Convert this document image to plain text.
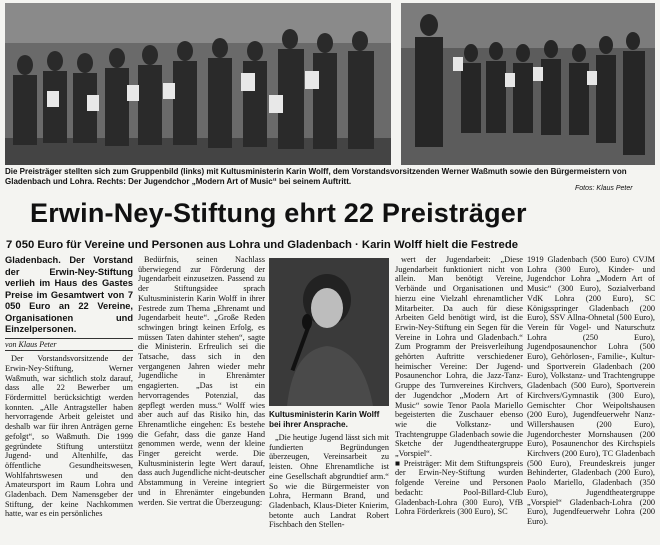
Die Preisträger stellten sich zum Gruppenbild (links) mit Kultusministerin Karin Wolff, dem Vorstandsvorsitzenden Werner Waßmuth sowie den Bürgermeistern von Gladenbach und Lohra. Rechts: Der Jugendchor „Modern Art of Music“ bei seinem Auftritt.
Fotos: Klaus Peter
Erwin-Ney-Stiftung ehrt 22 Preisträger
7 050 Euro für Vereine und Personen aus Lohra und Gladenbach · Karin Wolff hielt die Festrede
Gladenbach. Der Vorstand der Erwin-Ney-Stiftung verlieh im Haus des Gastes Preise im Gesamtwert von 7 050 Euro an 22 Vereine, Organisationen und Einzelpersonen.
von Klaus Peter

Der Vorstandsvorsitzende der Erwin-Ney-Stiftung, Werner Waßmuth, war sichtlich stolz darauf, dass alle 22 Bewerber um Fördermittel berücksichtigt werden konnten. „Alle Antragsteller haben hervorragende Arbeit geleistet und deshalb war für ihren Anträgen gerne gefolgt“, so Waßmuth. Die 1999 gegründete Stiftung unterstützt Jugend- und Altenhilfe, das öffentliche Gesundheitswesen, Wohlfahrtswesen und den Amateursport im Raum Lohra und Gladenbach. Dem Namensgeber der Stiftung, der keine Nachkommen hatte, war es ein persönliches

Bedürfnis, seinen Nachlass überwiegend zur Förderung der Jugendarbeit einzusetzen. Passend zu der Stiftungsidee sprach Kultusministerin Karin Wolff in ihrer Festrede zum Thema „Ehrenamt und Jugendarbeit heute“. „Große Reden schwingen bringt keinen Erfolg, es müssen Taten dahinter stehen“, sagte die Ministerin. Erfreulich sei die Tatsache, dass sich in den vergangenen Jahren wieder mehr Jugendliche in Ehrenämter engagierten. „Das ist ein hervorragendes Potenzial, das gepflegt werden muss.“ Wolff wies aber auch auf das Risiko hin, das Ehrenamtliche eingehen: Es bestehe die Gefahr, dass die ganze Hand genommen werde, wenn der kleine Finger gereicht werde. Die Kultusministerin legte Wert darauf, dass auch Jugendliche nicht-deutscher Abstammung in Vereine integriert und in Ehrenämter eingebunden werden. Sie vertrat die Überzeugung:

Kultusministerin Karin Wolff bei ihrer Ansprache.

„Die heutige Jugend lässt sich mit fundierten Begründungen überzeugen, Vereinsarbeit zu leisten. Ohne Ehrenamtliche ist eine Gesellschaft abgrundtief arm.“ So wie die Bürgermeister von Lohra, Hermann Brand, und Gladenbach, Klaus-Dieter Knierim, betonte auch Landrat Robert Fischbach den Stellen-

wert der Jugendarbeit: „Diese Jugendarbeit funktioniert nicht von allein. Man benötigt Vereine, Verbände und Organisationen und hierzu eine Vielzahl ehrenamtlicher Mitarbeiter. Da auch für diese Arbeiten Geld benötigt wird, ist die Erwin-Ney-Stiftung ein Segen für die Vereine in Lohra und Gladenbach.“ Zum Programm der Preisverleihung gehörten Auftritte verschiedener heimischer Vereine: Der Jugend-Posaunenchor Lohra, die Jazz-Tanz-Gruppe des Turnvereines Kirchvers, der Jugendchor „Modern Art of Music“ sowie Tenor Paola Mariello begeisterten die Zuschauer ebenso wie die Volkstanz- und Trachtengruppe Gladenbach sowie die Sketche der Jugendtheatergruppe „Vorspiel“.

■ Preisträger: Mit dem Stiftungspreis der Erwin-Ney-Stiftung wurden folgende Vereine und Personen bedacht: Pool-Billard-Club Gladenbach-Lohra (300 Euro), VfB Lohra Förderkreis (300 Euro), SC

1919 Gladenbach (500 Euro) CVJM Lohra (300 Euro), Kinder- und Jugendchor Lohra „Modern Art of Music“ (300 Euro), Sozialverband VdK Lohra (200 Euro), SC Königsspringer Gladenbach (200 Euro), SSV Allna-Ohnetal (500 Euro), Verein für Vogel- und Naturschutz Lohra (250 Euro), Jugendposaunenchor Lohra (500 Euro), Gehörlosen-, Familie-, Kultur- und Sportverein Gladenbach (200 Euro), Volkstanz- und Trachtengruppe Gladenbach (500 Euro), Sportverein Kirchvers/Gymnastik (300 Euro), Gemischter Chor Weipoltshausen (200 Euro), Jugendfeuerwehr Nanz-Willershausen (200 Euro), Jugendorchester Mornshausen (200 Euro), Posaunenchor des Kirchspiels Kirchvers (200 Euro), TC Gladenbach (500 Euro), Freundeskreis junger Behinderter, Gladenbach (200 Euro), Paolo Mariello, Gladenbach (350 Euro), Jugendtheatergruppe „Vorspiel“ Gladenbach-Lohra (200 Euro), Jugendfeuerwehr Lohra (200 Euro).
